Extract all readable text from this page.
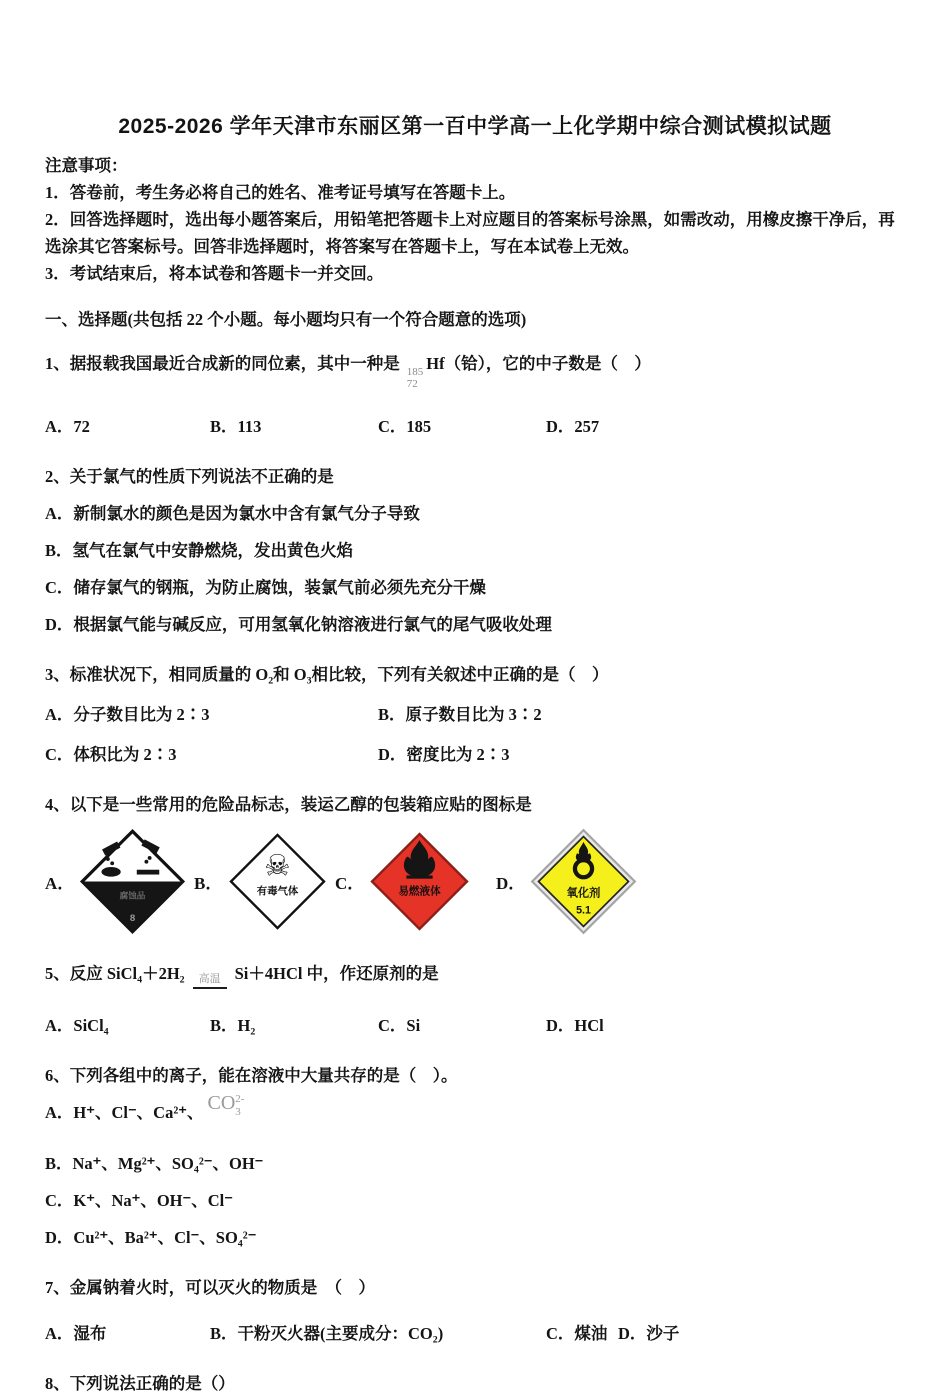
2025-2026 学年天津市东丽区第一百中学高一上化学期中综合测试模拟试题
注意事项：
1．答卷前，考生务必将自己的姓名、准考证号填写在答题卡上。
2．回答选择题时，选出每小题答案后，用铅笔把答题卡上对应题目的答案标号涂黑，如需改动，用橡皮擦干净后，再选涂其它答案标号。回答非选择题时，将答案写在答题卡上，写在本试卷上无效。
3．考试结束后，将本试卷和答题卡一并交回。
一、选择题(共包括 22 个小题。每小题均只有一个符合题意的选项)
1、据报载我国最近合成新的同位素，其中一种是 185
72
Hf（铪），它的中子数是（　）
A．72	B．113	C．185	D．257
2、关于氯气的性质下列说法不正确的是
A．新制氯水的颜色是因为氯水中含有氯气分子导致
B．氢气在氯气中安静燃烧，发出黄色火焰
C．储存氯气的钢瓶，为防止腐蚀，装氯气前必须先充分干燥
D．根据氯气能与碱反应，可用氢氧化钠溶液进行氯气的尾气吸收处理
3、标准状况下，相同质量的 O₂和 O₃相比较，下列有关叙述中正确的是（　）
A．分子数目比为 2∶3	B．原子数目比为 3∶2
C．体积比为 2∶3	D．密度比为 2∶3
4、以下是一些常用的危险品标志，装运乙醇的包装箱应贴的图标是
A．
腐蚀品
8
B．
☠
有毒气体 C．	易燃液体	D．
氧化剂
5.1
5、反应 SiCl₄＋2H₂ 高温 Si＋4HCl 中，作还原剂的是
A．SiCl₄	B．H₂	C．Si	D．HCl
6、下列各组中的离子，能在溶液中大量共存的是（　）。
A．H⁺、Cl⁻、Ca²⁺、 CO 2-
3
B．Na⁺、Mg²⁺、SO₄²⁻、OH⁻
C．K⁺、Na⁺、OH⁻、Cl⁻
D．Cu²⁺、Ba²⁺、Cl⁻、SO₄²⁻
7、金属钠着火时，可以灭火的物质是　（　）
A．湿布	B．干粉灭火器(主要成分：CO₂)	C．煤油 D．沙子
8、下列说法正确的是（）
